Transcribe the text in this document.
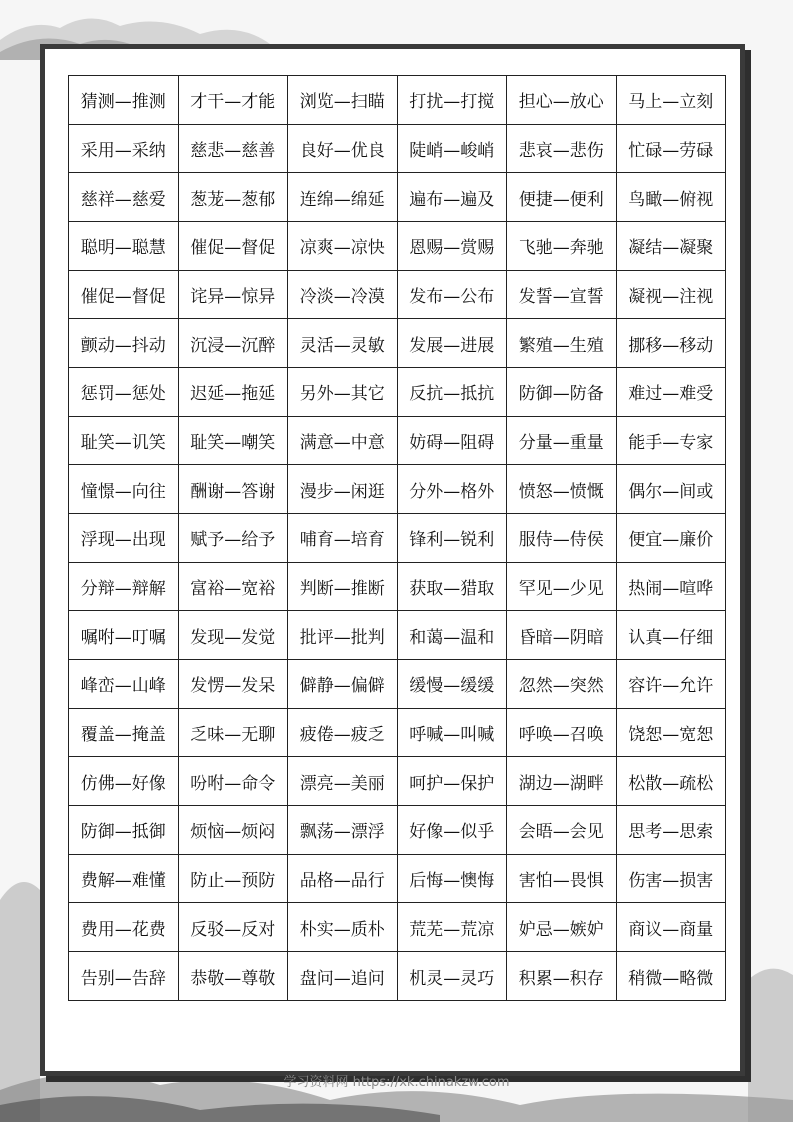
猜测—推测	才干—才能	浏览—扫瞄	打扰—打搅	担心—放心	马上—立刻
采用—采纳	慈悲—慈善	良好—优良	陡峭—峻峭	悲哀—悲伤	忙碌—劳碌
慈祥—慈爱	葱茏—葱郁	连绵—绵延	遍布—遍及	便捷—便利	鸟瞰—俯视
聪明—聪慧	催促—督促	凉爽—凉快	恩赐—赏赐	飞驰—奔驰	凝结—凝聚
催促—督促	诧异—惊异	冷淡—冷漠	发布—公布	发誓—宣誓	凝视—注视
颤动—抖动	沉浸—沉醉	灵活—灵敏	发展—进展	繁殖—生殖	挪移—移动
惩罚—惩处	迟延—拖延	另外—其它	反抗—抵抗	防御—防备	难过—难受
耻笑—讥笑	耻笑—嘲笑	满意—中意	妨碍—阻碍	分量—重量	能手—专家
憧憬—向往	酬谢—答谢	漫步—闲逛	分外—格外	愤怒—愤慨	偶尔—间或
浮现—出现	赋予—给予	哺育—培育	锋利—锐利	服侍—侍侯	便宜—廉价
分辩—辩解	富裕—宽裕	判断—推断	获取—猎取	罕见—少见	热闹—喧哗
嘱咐—叮嘱	发现—发觉	批评—批判	和蔼—温和	昏暗—阴暗	认真—仔细
峰峦—山峰	发愣—发呆	僻静—偏僻	缓慢—缓缓	忽然—突然	容许—允许
覆盖—掩盖	乏味—无聊	疲倦—疲乏	呼喊—叫喊	呼唤—召唤	饶恕—宽恕
仿佛—好像	吩咐—命令	漂亮—美丽	呵护—保护	湖边—湖畔	松散—疏松
防御—抵御	烦恼—烦闷	飘荡—漂浮	好像—似乎	会晤—会见	思考—思索
费解—难懂	防止—预防	品格—品行	后悔—懊悔	害怕—畏惧	伤害—损害
费用—花费	反驳—反对	朴实—质朴	荒芜—荒凉	妒忌—嫉妒	商议—商量
告别—告辞	恭敬—尊敬	盘问—追问	机灵—灵巧	积累—积存	稍微—略微
学习资料网 https://xk.chinakzw.com
